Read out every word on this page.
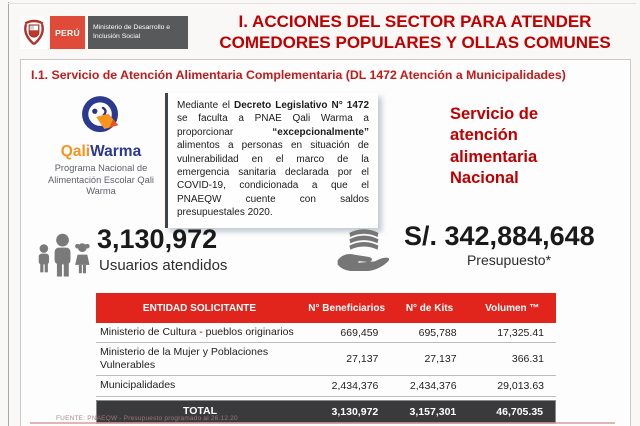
PERÚ
Ministerio de Desarrollo e Inclusión Social
I. ACCIONES DEL SECTOR PARA ATENDER
COMEDORES POPULARES Y OLLAS COMUNES
I.1. Servicio de Atención Alimentaria Complementaria (DL 1472 Atención a Municipalidades)
QaliWarma
Programa Nacional de Alimentación Escolar Qali Warma
Mediante el Decreto Legislativo N° 1472 se faculta a PNAE Qali Warma a proporcionar “excepcionalmente” alimentos a personas en situación de vulnerabilidad en el marco de la emergencia sanitaria declarada por el COVID-19, condicionada a que el PNAEQW cuente con saldos presupuestales 2020.
Servicio de atención alimentaria Nacional
3,130,972
Usuarios atendidos
S/. 342,884,648
Presupuesto*
ENTIDAD SOLICITANTE	N° Beneficiarios	N° de Kits	Volumen ™
Ministerio de Cultura - pueblos originarios	669,459	695,788	17,325.41
Ministerio de la Mujer y Poblaciones Vulnerables	27,137	27,137	366.31
Municipalidades	2,434,376	2,434,376	29,013.63
TOTAL	3,130,972	3,157,301	46,705.35
FUENTE: PNAEQW - Presupuesto programado al 26.12.20
